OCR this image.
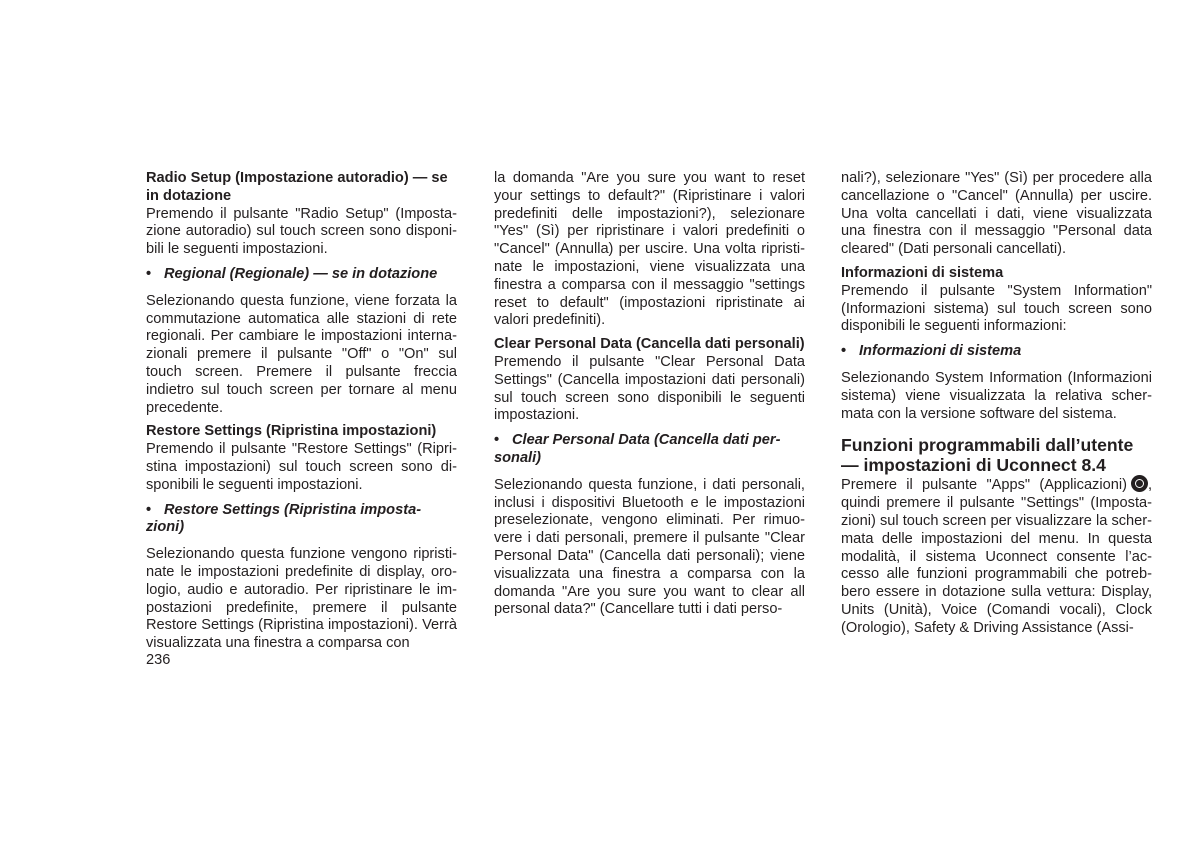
Radio Setup (Impostazione autoradio) — se in dotazione

Premendo il pulsante "Radio Setup" (Imposta-zione autoradio) sul touch screen sono disponi-bili le seguenti impostazioni.

• Regional (Regionale) — se in dotazione

Selezionando questa funzione, viene forzata la commutazione automatica alle stazioni di rete regionali. Per cambiare le impostazioni interna-zionali premere il pulsante "Off" o "On" sul touch screen. Premere il pulsante freccia indietro sul touch screen per tornare al menu precedente.

Restore Settings (Ripristina impostazioni)

Premendo il pulsante "Restore Settings" (Ripri-stina impostazioni) sul touch screen sono di-sponibili le seguenti impostazioni.

• Restore Settings (Ripristina imposta-zioni)

Selezionando questa funzione vengono ripristi-nate le impostazioni predefinite di display, oro-logio, audio e autoradio. Per ripristinare le im-postazioni predefinite, premere il pulsante Restore Settings (Ripristina impostazioni). Verrà visualizzata una finestra a comparsa con

la domanda "Are you sure you want to reset your settings to default?" (Ripristinare i valori predefiniti delle impostazioni?), selezionare "Yes" (Sì) per ripristinare i valori predefiniti o "Cancel" (Annulla) per uscire. Una volta ripristi-nate le impostazioni, viene visualizzata una finestra a comparsa con il messaggio "settings reset to default" (impostazioni ripristinate ai valori predefiniti).

Clear Personal Data (Cancella dati personali)

Premendo il pulsante "Clear Personal Data Settings" (Cancella impostazioni dati personali) sul touch screen sono disponibili le seguenti impostazioni.

• Clear Personal Data (Cancella dati per-sonali)

Selezionando questa funzione, i dati personali, inclusi i dispositivi Bluetooth e le impostazioni preselezionate, vengono eliminati. Per rimuo-vere i dati personali, premere il pulsante "Clear Personal Data" (Cancella dati personali); viene visualizzata una finestra a comparsa con la domanda "Are you sure you want to clear all personal data?" (Cancellare tutti i dati perso-

nali?), selezionare "Yes" (Sì) per procedere alla cancellazione o "Cancel" (Annulla) per uscire. Una volta cancellati i dati, viene visualizzata una finestra con il messaggio "Personal data cleared" (Dati personali cancellati).

Informazioni di sistema

Premendo il pulsante "System Information" (Informazioni sistema) sul touch screen sono disponibili le seguenti informazioni:

• Informazioni di sistema

Selezionando System Information (Informazioni sistema) viene visualizzata la relativa scher-mata con la versione software del sistema.

Funzioni programmabili dall’utente — impostazioni di Uconnect 8.4

Premere il pulsante "Apps" (Applicazioni) , quindi premere il pulsante "Settings" (Imposta-zioni) sul touch screen per visualizzare la scher-mata delle impostazioni del menu. In questa modalità, il sistema Uconnect consente l’ac-cesso alle funzioni programmabili che potreb-bero essere in dotazione sulla vettura: Display, Units (Unità), Voice (Comandi vocali), Clock (Orologio), Safety & Driving Assistance (Assi-

236
